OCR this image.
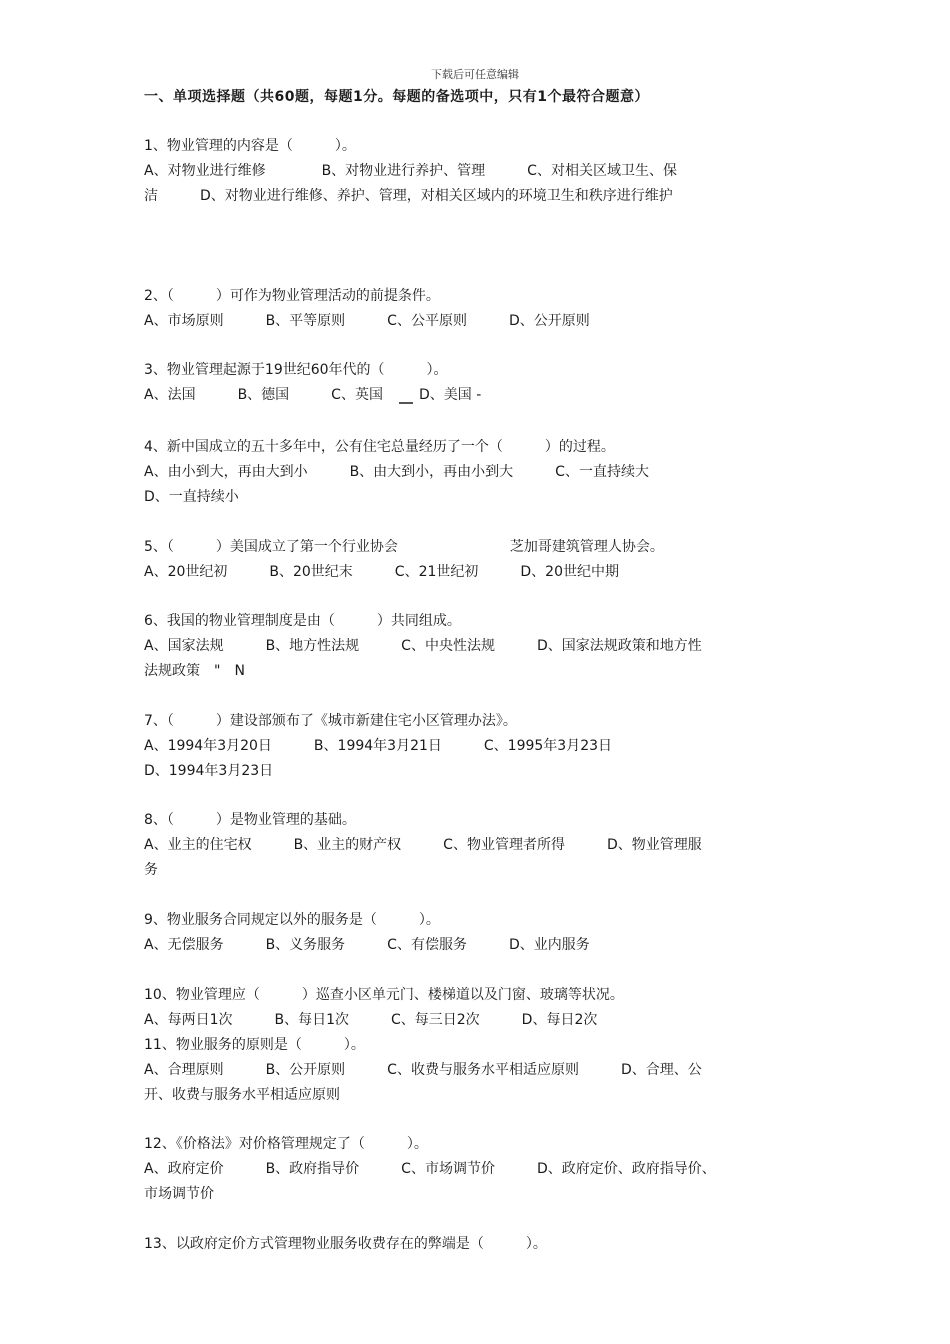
下载后可任意编辑
一、单项选择题（共60题，每题1分。每题的备选项中，只有1个最符合题意）
1、物业管理的内容是（　　　）。
A、对物业进行维修　　　　B、对物业进行养护、管理　　　C、对相关区域卫生、保
洁　　　D、对物业进行维修、养护、管理，对相关区域内的环境卫生和秩序进行维护
2、（　　　）可作为物业管理活动的前提条件。
A、市场原则　　　B、平等原则　　　C、公平原则　　　D、公开原则
3、物业管理起源于19世纪60年代的（　　　）。
A、法国　　　B、德国　　　C、英国	D、美国 -
4、新中国成立的五十多年中，公有住宅总量经历了一个（　　　）的过程。
A、由小到大，再由大到小　　　B、由大到小，再由小到大　　　C、一直持续大
D、一直持续小
5、（　　　）美国成立了第一个行业协会　　　　　　　　芝加哥建筑管理人协会。
A、20世纪初　　　B、20世纪末　　　C、21世纪初　　　D、20世纪中期
6、我国的物业管理制度是由（　　　）共同组成。
A、国家法规　　　B、地方性法规　　　C、中央性法规　　　D、国家法规政策和地方性
法规政策　"　N
7、（　　　）建设部颁布了《城市新建住宅小区管理办法》。
A、1994年3月20日　　　B、1994年3月21日　　　C、1995年3月23日
D、1994年3月23日
8、（　　　）是物业管理的基础。
A、业主的住宅权　　　B、业主的财产权　　　C、物业管理者所得　　　D、物业管理服
务
9、物业服务合同规定以外的服务是（　　　）。
A、无偿服务　　　B、义务服务　　　C、有偿服务　　　D、业内服务
10、物业管理应（　　　）巡查小区单元门、楼梯道以及门窗、玻璃等状况。
A、每两日1次　　　B、每日1次　　　C、每三日2次　　　D、每日2次
11、物业服务的原则是（　　　）。
A、合理原则　　　B、公开原则　　　C、收费与服务水平相适应原则　　　D、合理、公
开、收费与服务水平相适应原则
12、《价格法》对价格管理规定了（　　　）。
A、政府定价　　　B、政府指导价　　　C、市场调节价　　　D、政府定价、政府指导价、
市场调节价
13、以政府定价方式管理物业服务收费存在的弊端是（　　　）。
